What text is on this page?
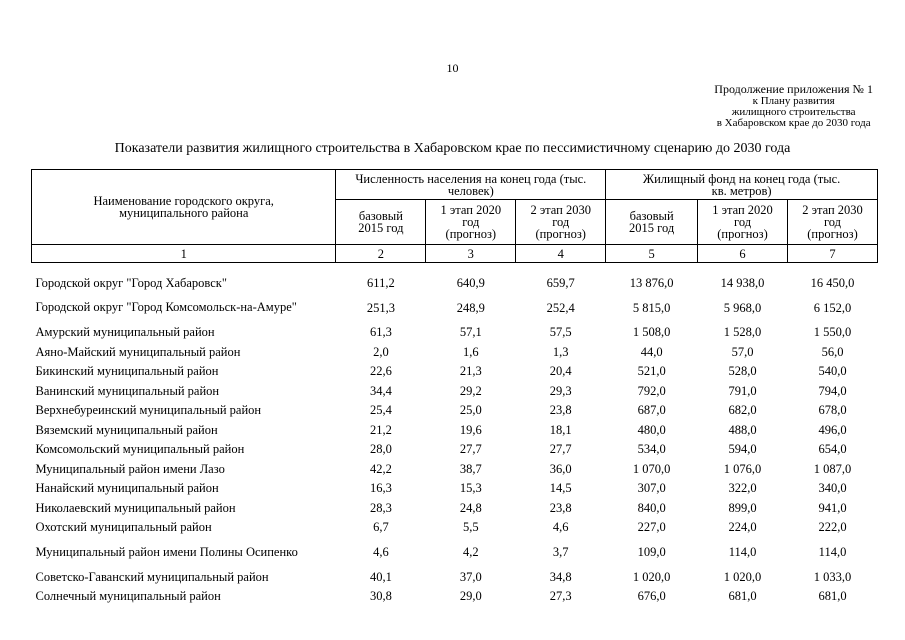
10
Продолжение приложения № 1
к Плану развития
жилищного строительства
в Хабаровском крае до 2030 года
Показатели развития жилищного строительства в Хабаровском крае по пессимистичному сценарию до 2030 года
Наименование городского округа, муниципального района	Численность населения на конец года (тыс. человек)			Жилищный фонд на конец года (тыс. кв. метров)		
	базовый 2015 год	1 этап 2020 год (прогноз)	2 этап 2030 год (прогноз)	базовый 2015 год	1 этап 2020 год (прогноз)	2 этап 2030 год (прогноз)
1	2	3	4	5	6	7

Городской округ "Город Хабаровск"	611,2	640,9	659,7	13 876,0	14 938,0	16 450,0
Городской округ "Город Комсомольск-на-Амуре"	251,3	248,9	252,4	5 815,0	5 968,0	6 152,0
Амурский муниципальный район	61,3	57,1	57,5	1 508,0	1 528,0	1 550,0
Аяно-Майский муниципальный район	2,0	1,6	1,3	44,0	57,0	56,0
Бикинский муниципальный район	22,6	21,3	20,4	521,0	528,0	540,0
Ванинский муниципальный район	34,4	29,2	29,3	792,0	791,0	794,0
Верхнебуреинский муниципальный район	25,4	25,0	23,8	687,0	682,0	678,0
Вяземский муниципальный район	21,2	19,6	18,1	480,0	488,0	496,0
Комсомольский муниципальный район	28,0	27,7	27,7	534,0	594,0	654,0
Муниципальный район имени Лазо	42,2	38,7	36,0	1 070,0	1 076,0	1 087,0
Нанайский муниципальный район	16,3	15,3	14,5	307,0	322,0	340,0
Николаевский муниципальный район	28,3	24,8	23,8	840,0	899,0	941,0
Охотский муниципальный район	6,7	5,5	4,6	227,0	224,0	222,0
Муниципальный район имени Полины Осипенко	4,6	4,2	3,7	109,0	114,0	114,0
Советско-Гаванский муниципальный район	40,1	37,0	34,8	1 020,0	1 020,0	1 033,0
Солнечный муниципальный район	30,8	29,0	27,3	676,0	681,0	681,0
